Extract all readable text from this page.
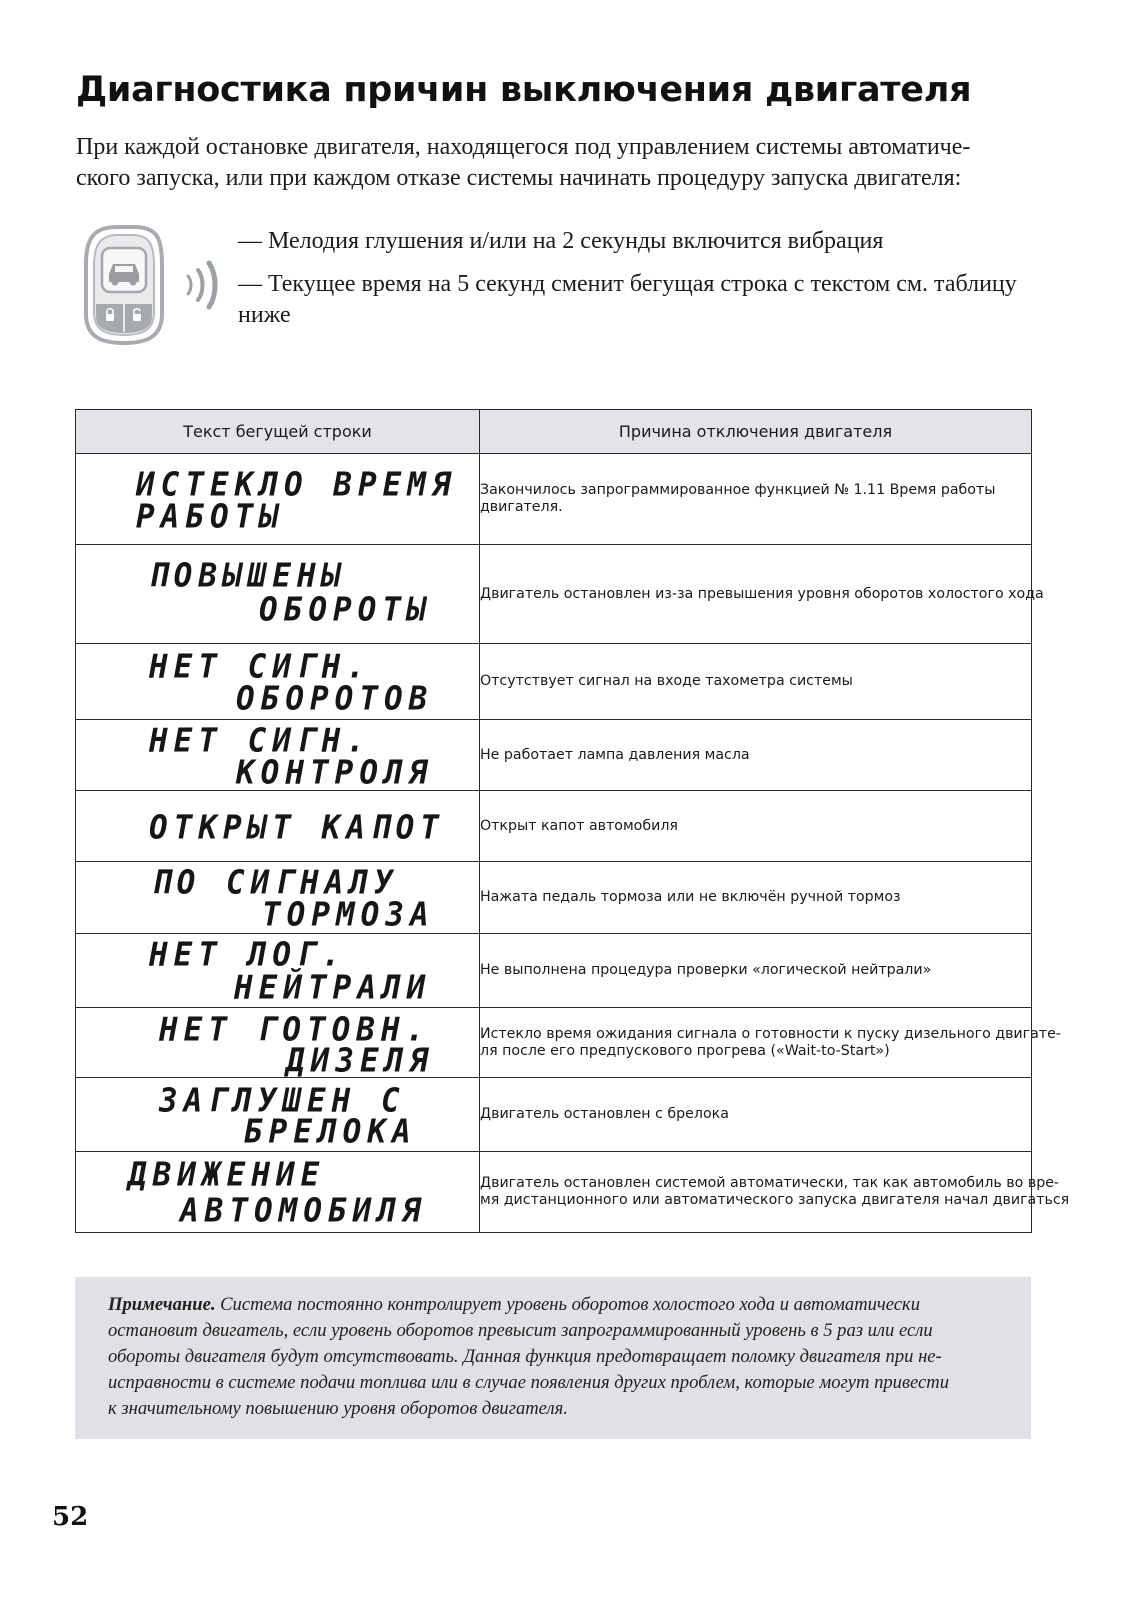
Диагностика причин выключения двигателя

При каждой остановке двигателя, находящегося под управлением системы автоматиче-
ского запуска, или при каждом отказе системы начинать процедуру запуска двигателя:

— Мелодия глушения и/или на 2 секунды включится вибрация
— Текущее время на 5 секунд сменит бегущая строка с текстом см. таблицу
ниже
Текст бегущей строки	Причина отключения двигателя

ИСТЕКЛО ВРЕМЯ
РАБОТЫ	Закончилось запрограммированное функцией № 1.11 Время работы
двигателя.

ПОВЫШЕНЫ
ОБОРОТЫ	Двигатель остановлен из-за превышения уровня оборотов холостого хода

НЕТ СИГН.
ОБОРОТОВ	Отсутствует сигнал на входе тахометра системы

НЕТ СИГН.
КОНТРОЛЯ	Не работает лампа давления масла

ОТКРЫТ КАПОТ	Открыт капот автомобиля

ПО СИГНАЛУ
ТОРМОЗА	Нажата педаль тормоза или не включён ручной тормоз

НЕТ ЛОГ.
НЕЙТРАЛИ	Не выполнена процедура проверки «логической нейтрали»

НЕТ ГОТОВН.
ДИЗЕЛЯ	Истекло время ожидания сигнала о готовности к пуску дизельного двигате-
ля после его предпускового прогрева («Wait-to-Start»)

ЗАГЛУШЕН С
БРЕЛОКА	Двигатель остановлен с брелока

ДВИЖЕНИЕ
АВТОМОБИЛЯ	Двигатель остановлен системой автоматически, так как автомобиль во вре-
мя дистанционного или автоматического запуска двигателя начал двигаться
Примечание. Система постоянно контролирует уровень оборотов холостого хода и автоматически
остановит двигатель, если уровень оборотов превысит запрограммированный уровень в 5 раз или если
обороты двигателя будут отсутствовать. Данная функция предотвращает поломку двигателя при не-
исправности в системе подачи топлива или в случае появления других проблем, которые могут привести
к значительному повышению уровня оборотов двигателя.
52
